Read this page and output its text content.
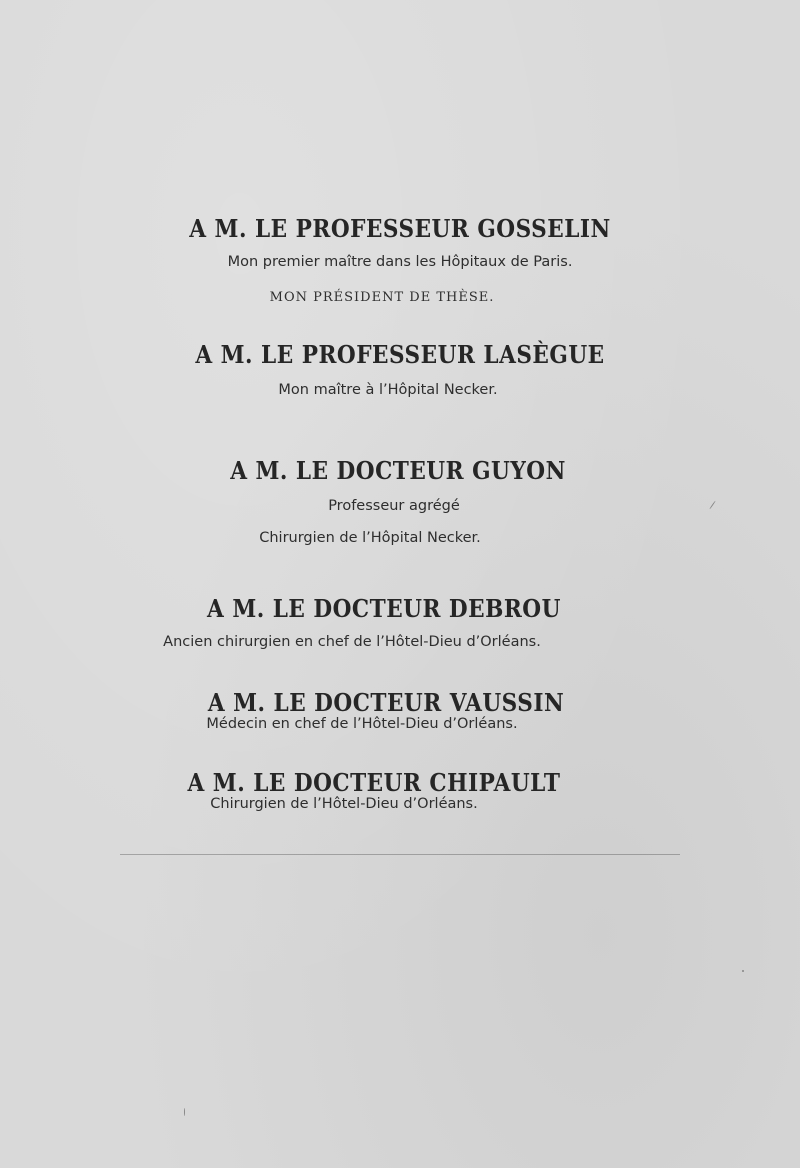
A M. LE PROFESSEUR GOSSELIN
Mon premier maître dans les Hôpitaux de Paris.
MON PRÉSIDENT DE THÈSE.
A M. LE PROFESSEUR LASÈGUE
Mon maître à l’Hôpital Necker.
A M. LE DOCTEUR GUYON
Professeur agrégé
Chirurgien de l’Hôpital Necker.
A M. LE DOCTEUR DEBROU
Ancien chirurgien en chef de l’Hôtel-Dieu d’Orléans.
A M. LE DOCTEUR VAUSSIN
Médecin en chef de l’Hôtel-Dieu d’Orléans.
A M. LE DOCTEUR CHIPAULT
Chirurgien de l’Hôtel-Dieu d’Orléans.
